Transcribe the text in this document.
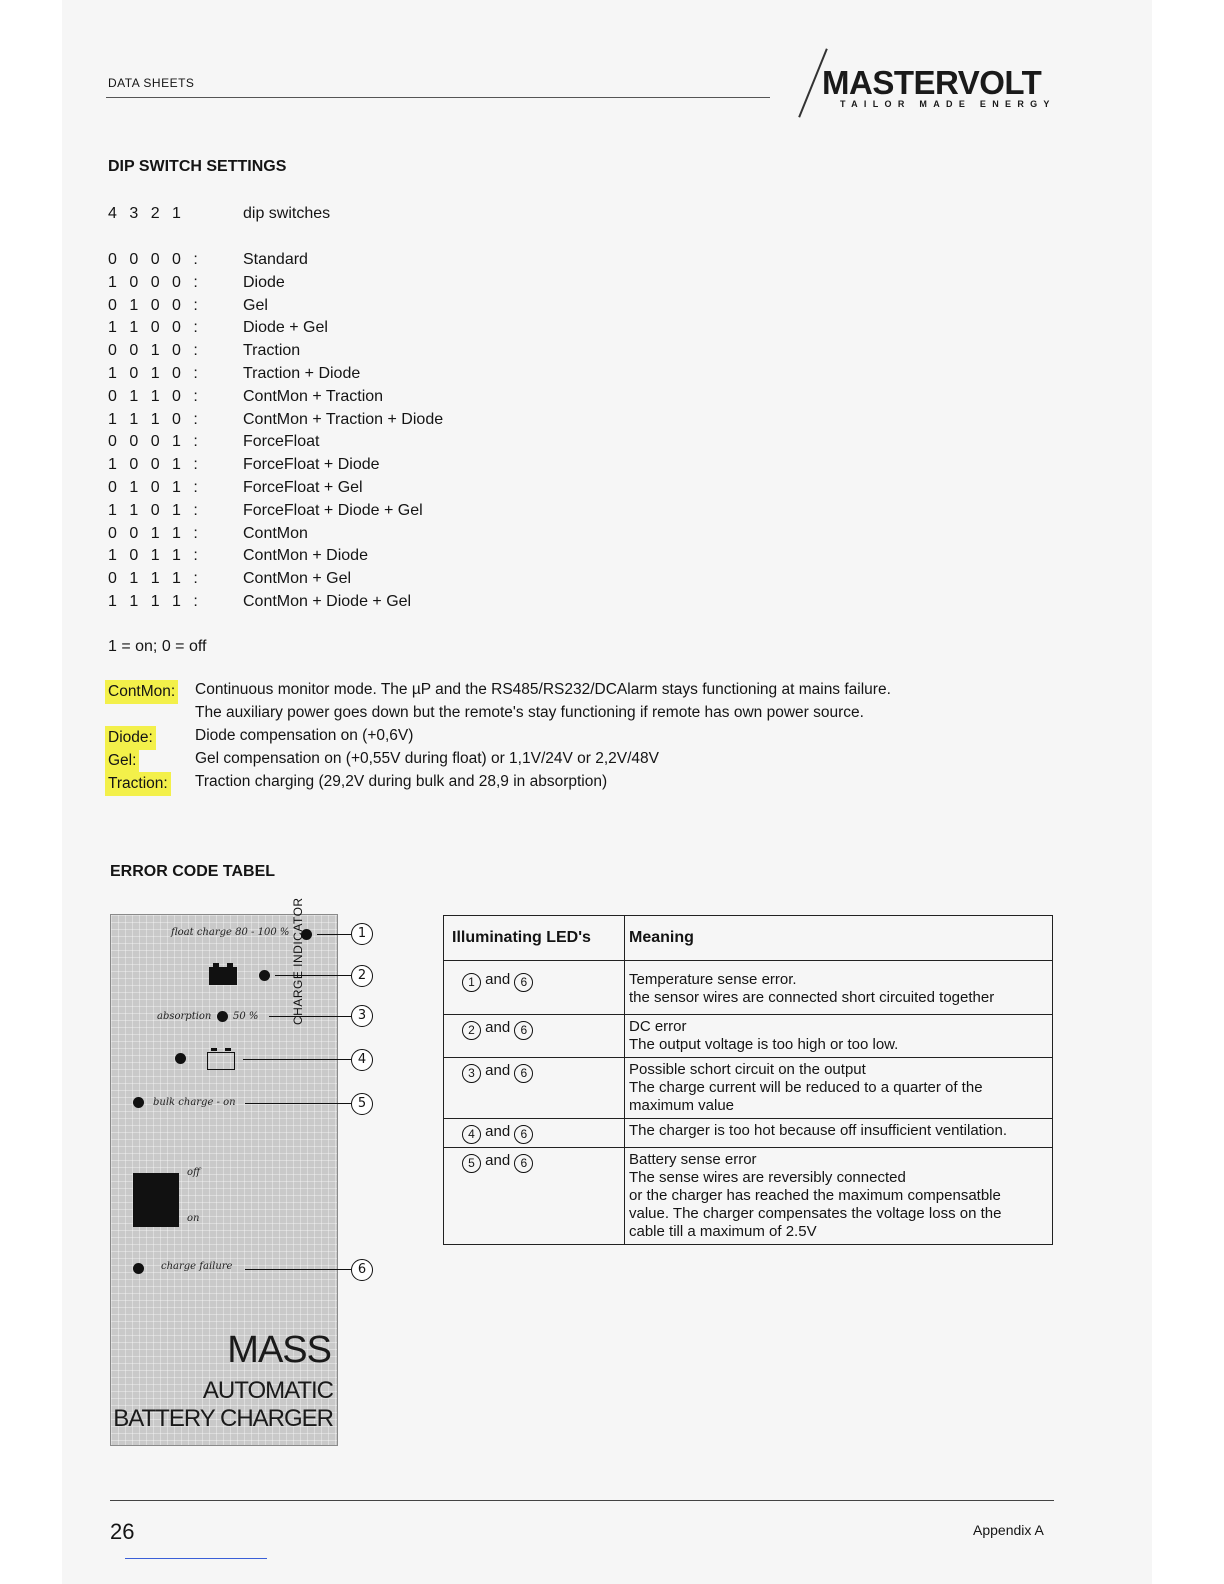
DATA SHEETS	MASTERVOLT
TAILOR MADE ENERGY
DIP SWITCH SETTINGS
4 3 2 1	dip switches
0 0 0 0 :	Standard
1 0 0 0 :	Diode
0 1 0 0 :	Gel
1 1 0 0 :	Diode + Gel
0 0 1 0 :	Traction
1 0 1 0 :	Traction + Diode
0 1 1 0 :	ContMon + Traction
1 1 1 0 :	ContMon + Traction + Diode
0 0 0 1 :	ForceFloat
1 0 0 1 :	ForceFloat + Diode
0 1 0 1 :	ForceFloat + Gel
1 1 0 1 :	ForceFloat + Diode + Gel
0 0 1 1 :	ContMon
1 0 1 1 :	ContMon + Diode
0 1 1 1 :	ContMon + Gel
1 1 1 1 :	ContMon + Diode + Gel
1 = on; 0 = off
ContMon: Continuous monitor mode. The µP and the RS485/RS232/DCAlarm stays functioning at mains failure.
The auxiliary power goes down but the remote's stay functioning if remote has own power source.
Diode:	Diode compensation on (+0,6V)
Gel:	Gel compensation on (+0,55V during float) or 1,1V/24V or 2,2V/48V
Traction: Traction charging (29,2V during bulk and 28,9 in absorption)
ERROR CODE TABEL
float charge 80 - 100 %	1
2
absorption 50 %	3
4
bulk charge - on	5
CHARGE INDICATOR
off
on
charge failure	6
MASS
AUTOMATIC
BATTERY CHARGER
Illuminating LED's	Meaning
1 and 6	Temperature sense error.
the sensor wires are connected short circuited together

2 and 6	DC error
The output voltage is too high or too low.

3 and 6	Possible schort circuit on the output
The charge current will be reduced to a quarter of the
maximum value

4 and 6	The charger is too hot because off insufficient ventilation.

5 and 6	Battery sense error
The sense wires are reversibly connected
or the charger has reached the maximum compensatble
value. The charger compensates the voltage loss on the
cable till a maximum of 2.5V
26	Appendix A
